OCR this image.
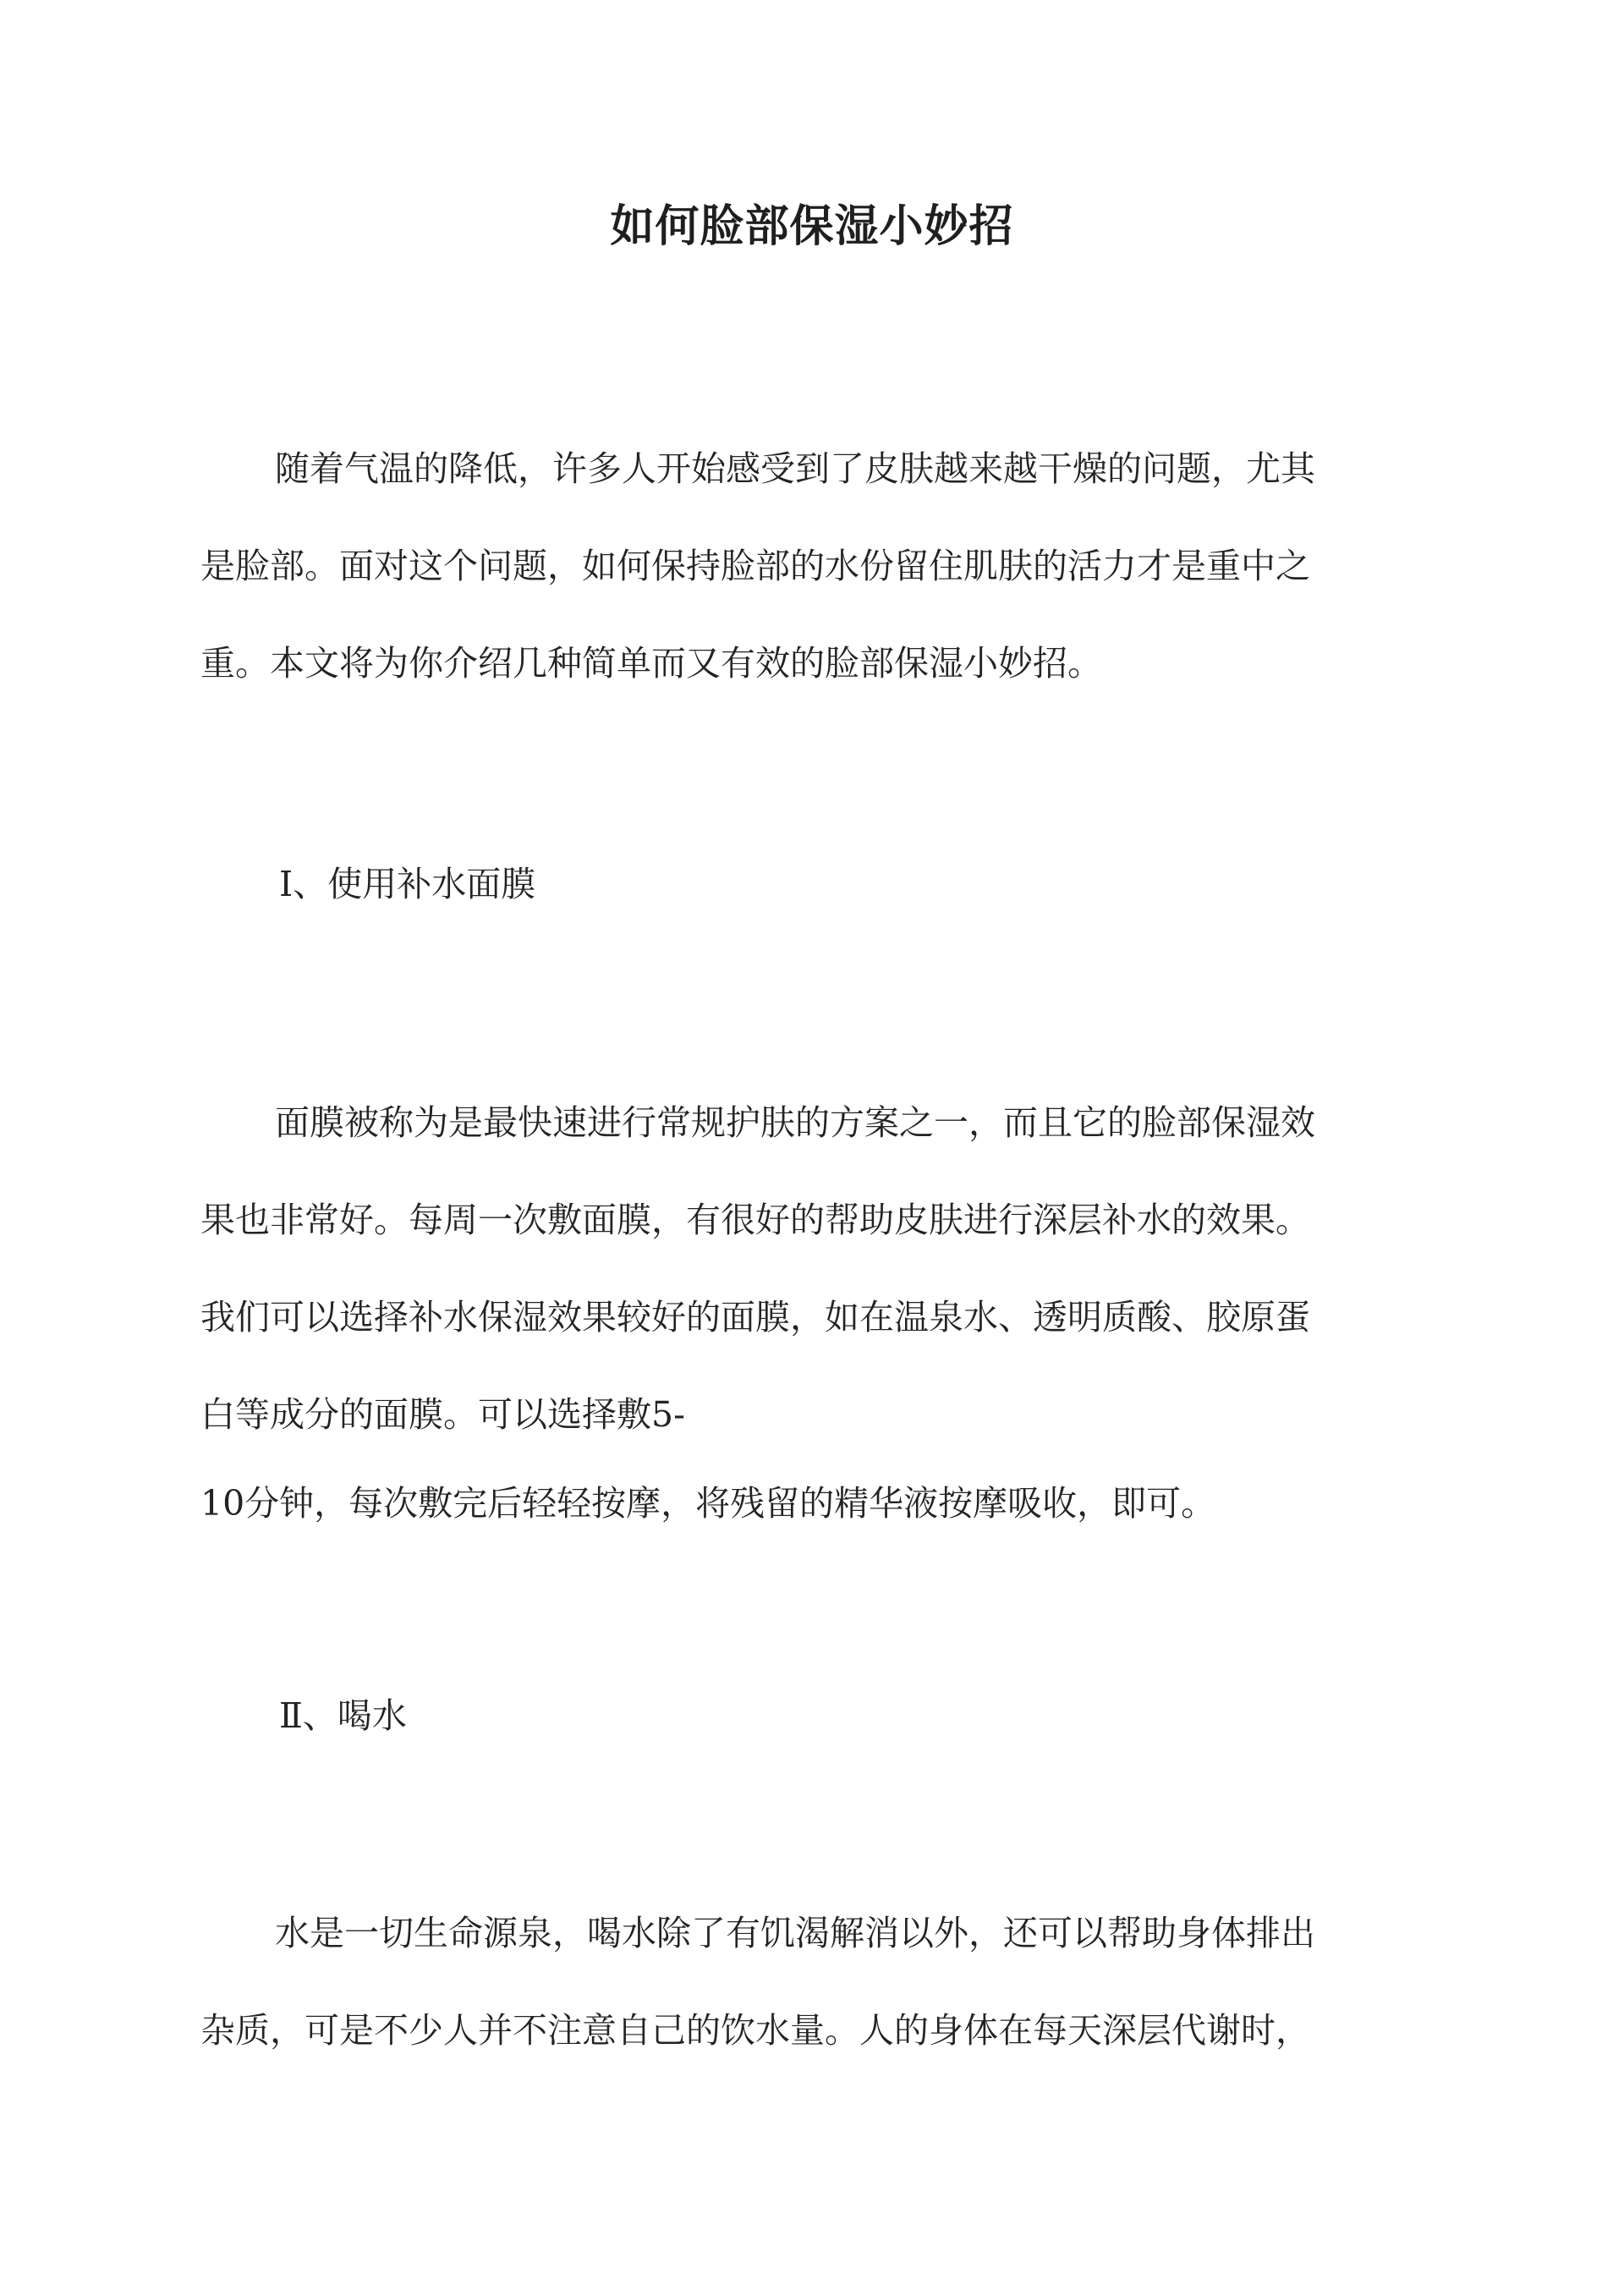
如何脸部保湿小妙招
随着气温的降低，许多人开始感受到了皮肤越来越干燥的问题，尤其
是脸部。面对这个问题，如何保持脸部的水份留住肌肤的活力才是重中之
重。本文将为你介绍几种简单而又有效的脸部保湿小妙招。
Ⅰ、使用补水面膜
面膜被称为是最快速进行常规护肤的方案之一，而且它的脸部保湿效
果也非常好。每周一次敷面膜，有很好的帮助皮肤进行深层补水的效果。
我们可以选择补水保湿效果较好的面膜，如在温泉水、透明质酸、胶原蛋
白等成分的面膜。可以选择敷5-
10分钟，每次敷完后轻轻按摩，将残留的精华液按摩吸收，即可。
Ⅱ、喝水
水是一切生命源泉，喝水除了有饥渴解消以外，还可以帮助身体排出
杂质，可是不少人并不注意自己的饮水量。人的身体在每天深层代谢时，
